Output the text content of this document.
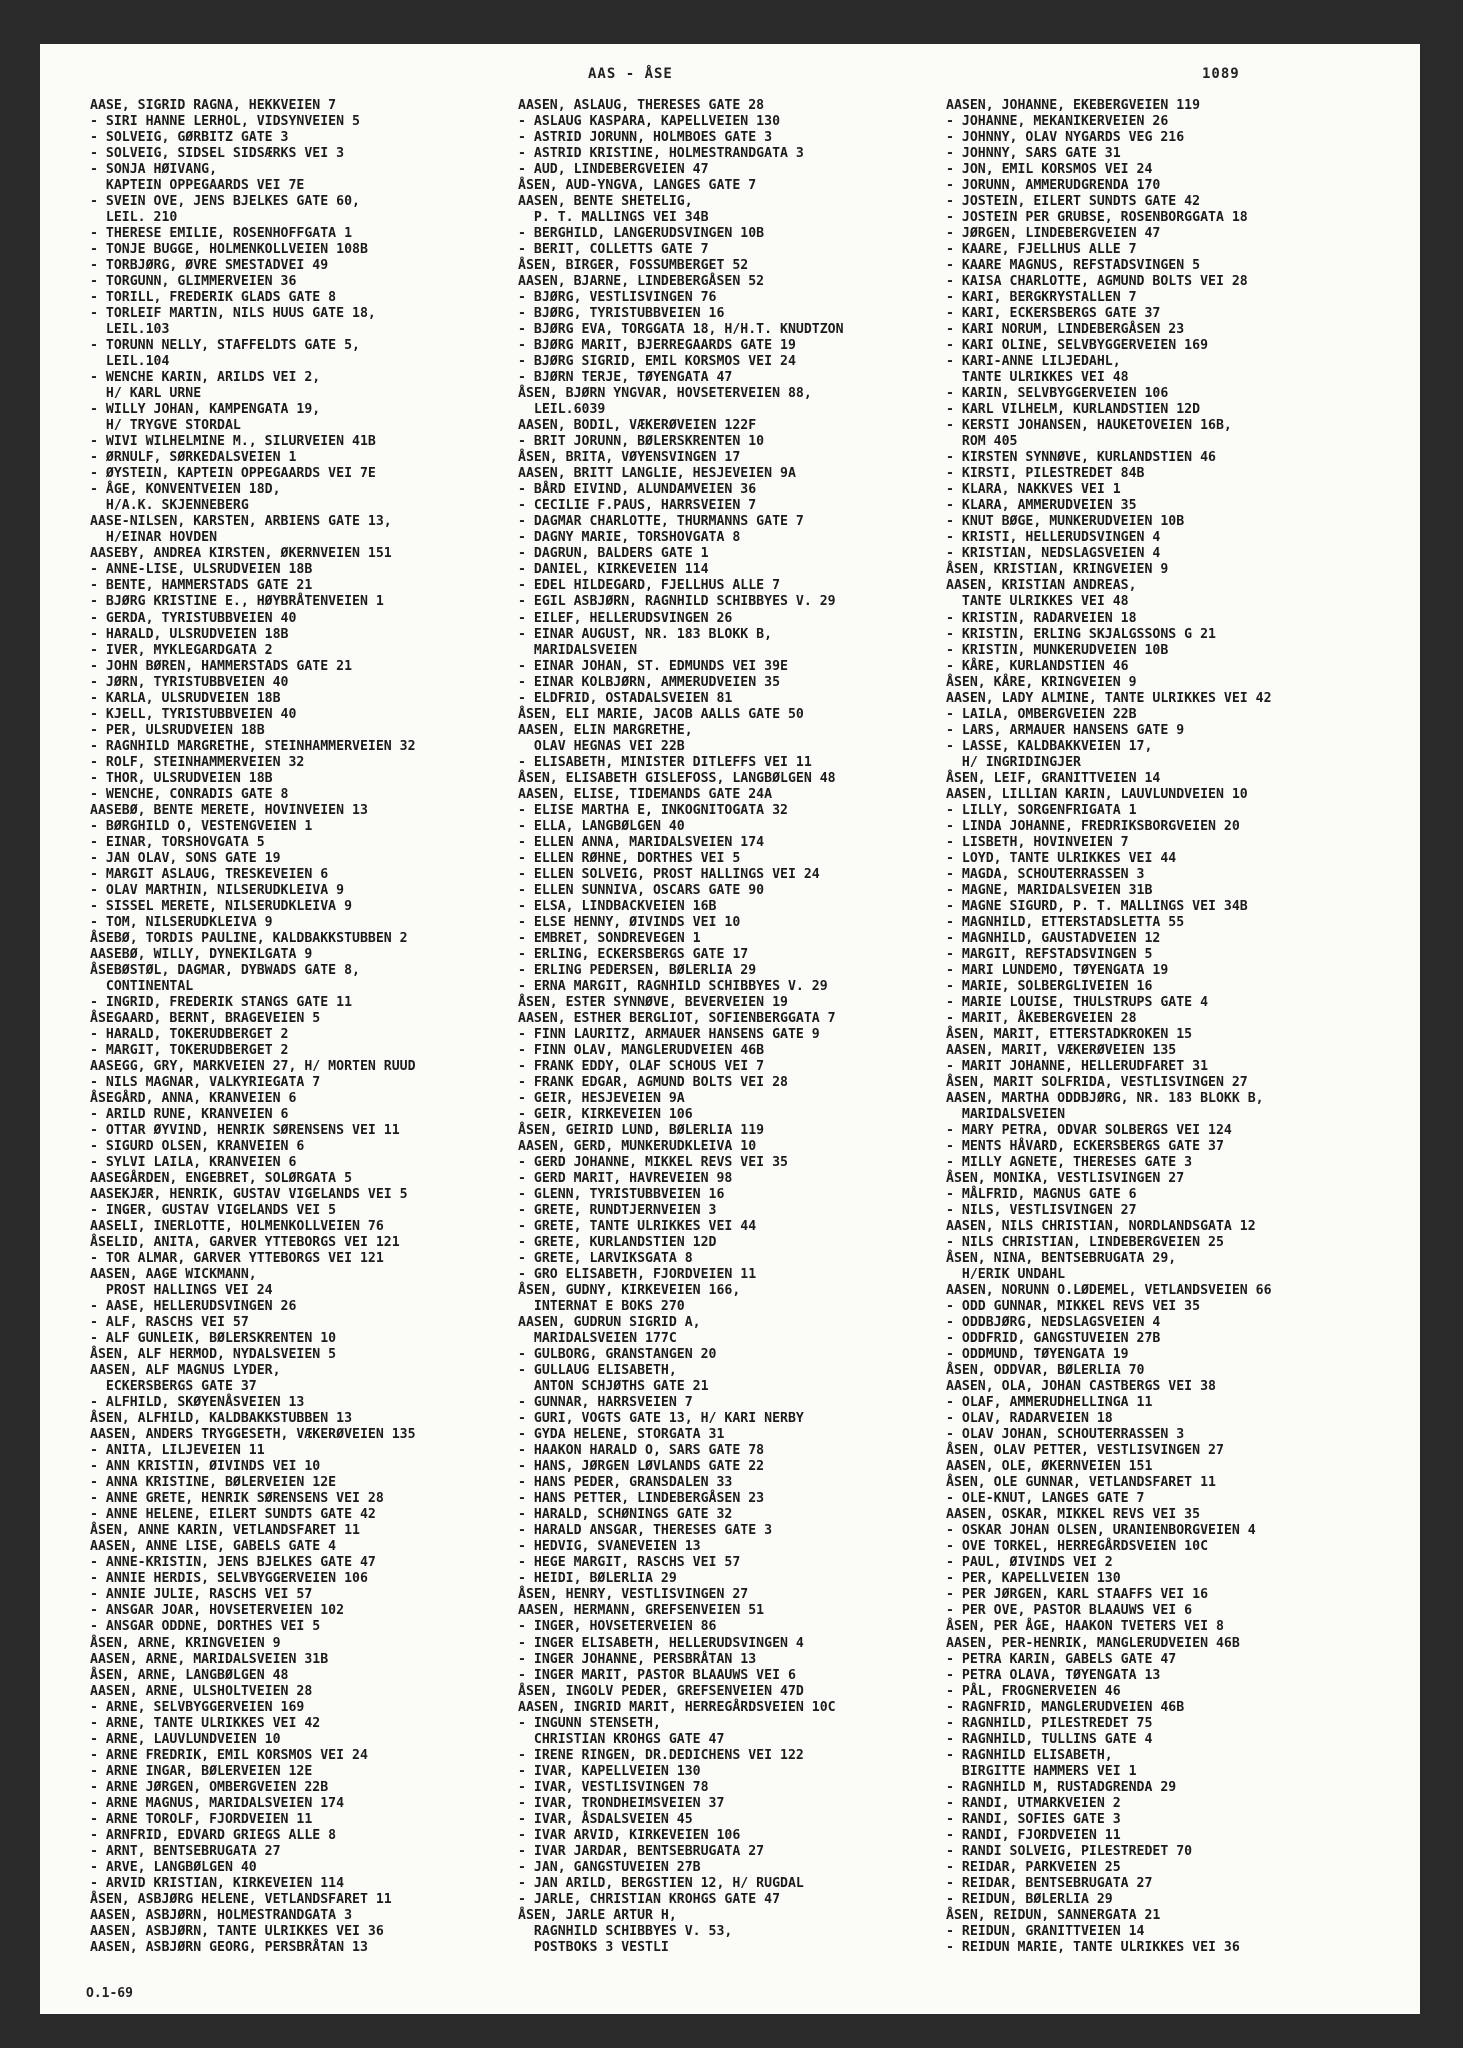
AAS - ÅSE	1089
AASE, SIGRID RAGNA, HEKKVEIEN 7
- SIRI HANNE LERHOL, VIDSYNVEIEN 5
- SOLVEIG, GØRBITZ GATE 3
- SOLVEIG, SIDSEL SIDSÆRKS VEI 3
- SONJA HØIVANG,
KAPTEIN OPPEGAARDS VEI 7E
- SVEIN OVE, JENS BJELKES GATE 60,
LEIL. 210
- THERESE EMILIE, ROSENHOFFGATA 1
- TONJE BUGGE, HOLMENKOLLVEIEN 108B
- TORBJØRG, ØVRE SMESTADVEI 49
- TORGUNN, GLIMMERVEIEN 36
- TORILL, FREDERIK GLADS GATE 8
- TORLEIF MARTIN, NILS HUUS GATE 18,
LEIL.103
- TORUNN NELLY, STAFFELDTS GATE 5,
LEIL.104
- WENCHE KARIN, ARILDS VEI 2,
H/ KARL URNE
- WILLY JOHAN, KAMPENGATA 19,
H/ TRYGVE STORDAL
- WIVI WILHELMINE M., SILURVEIEN 41B
- ØRNULF, SØRKEDALSVEIEN 1
- ØYSTEIN, KAPTEIN OPPEGAARDS VEI 7E
- ÅGE, KONVENTVEIEN 18D,
H/A.K. SKJENNEBERG
AASE-NILSEN, KARSTEN, ARBIENS GATE 13,
H/EINAR HOVDEN
AASEBY, ANDREA KIRSTEN, ØKERNVEIEN 151
- ANNE-LISE, ULSRUDVEIEN 18B
- BENTE, HAMMERSTADS GATE 21
- BJØRG KRISTINE E., HØYBRÅTENVEIEN 1
- GERDA, TYRISTUBBVEIEN 40
- HARALD, ULSRUDVEIEN 18B
- IVER, MYKLEGARDGATA 2
- JOHN BØREN, HAMMERSTADS GATE 21
- JØRN, TYRISTUBBVEIEN 40
- KARLA, ULSRUDVEIEN 18B
- KJELL, TYRISTUBBVEIEN 40
- PER, ULSRUDVEIEN 18B
- RAGNHILD MARGRETHE, STEINHAMMERVEIEN 32
- ROLF, STEINHAMMERVEIEN 32
- THOR, ULSRUDVEIEN 18B
- WENCHE, CONRADIS GATE 8
AASEBØ, BENTE MERETE, HOVINVEIEN 13
- BØRGHILD O, VESTENGVEIEN 1
- EINAR, TORSHOVGATA 5
- JAN OLAV, SONS GATE 19
- MARGIT ASLAUG, TRESKEVEIEN 6
- OLAV MARTHIN, NILSERUDKLEIVA 9
- SISSEL MERETE, NILSERUDKLEIVA 9
- TOM, NILSERUDKLEIVA 9
ÅSEBØ, TORDIS PAULINE, KALDBAKKSTUBBEN 2
AASEBØ, WILLY, DYNEKILGATA 9
ÅSEBØSTØL, DAGMAR, DYBWADS GATE 8,
CONTINENTAL
- INGRID, FREDERIK STANGS GATE 11
ÅSEGAARD, BERNT, BRAGEVEIEN 5
- HARALD, TOKERUDBERGET 2
- MARGIT, TOKERUDBERGET 2
AASEGG, GRY, MARKVEIEN 27, H/ MORTEN RUUD
- NILS MAGNAR, VALKYRIEGATA 7
ÅSEGÅRD, ANNA, KRANVEIEN 6
- ARILD RUNE, KRANVEIEN 6
- OTTAR ØYVIND, HENRIK SØRENSENS VEI 11
- SIGURD OLSEN, KRANVEIEN 6
- SYLVI LAILA, KRANVEIEN 6
AASEGÅRDEN, ENGEBRET, SOLØRGATA 5
AASEKJÆR, HENRIK, GUSTAV VIGELANDS VEI 5
- INGER, GUSTAV VIGELANDS VEI 5
AASELI, INERLOTTE, HOLMENKOLLVEIEN 76
ÅSELID, ANITA, GARVER YTTEBORGS VEI 121
- TOR ALMAR, GARVER YTTEBORGS VEI 121
AASEN, AAGE WICKMANN,
PROST HALLINGS VEI 24
- AASE, HELLERUDSVINGEN 26
- ALF, RASCHS VEI 57
- ALF GUNLEIK, BØLERSKRENTEN 10
ÅSEN, ALF HERMOD, NYDALSVEIEN 5
AASEN, ALF MAGNUS LYDER,
ECKERSBERGS GATE 37
- ALFHILD, SKØYENÅSVEIEN 13
ÅSEN, ALFHILD, KALDBAKKSTUBBEN 13
AASEN, ANDERS TRYGGESETH, VÆKERØVEIEN 135
- ANITA, LILJEVEIEN 11
- ANN KRISTIN, ØIVINDS VEI 10
- ANNA KRISTINE, BØLERVEIEN 12E
- ANNE GRETE, HENRIK SØRENSENS VEI 28
- ANNE HELENE, EILERT SUNDTS GATE 42
ÅSEN, ANNE KARIN, VETLANDSFARET 11
AASEN, ANNE LISE, GABELS GATE 4
- ANNE-KRISTIN, JENS BJELKES GATE 47
- ANNIE HERDIS, SELVBYGGERVEIEN 106
- ANNIE JULIE, RASCHS VEI 57
- ANSGAR JOAR, HOVSETERVEIEN 102
- ANSGAR ODDNE, DORTHES VEI 5
ÅSEN, ARNE, KRINGVEIEN 9
AASEN, ARNE, MARIDALSVEIEN 31B
ÅSEN, ARNE, LANGBØLGEN 48
AASEN, ARNE, ULSHOLTVEIEN 28
- ARNE, SELVBYGGERVEIEN 169
- ARNE, TANTE ULRIKKES VEI 42
- ARNE, LAUVLUNDVEIEN 10
- ARNE FREDRIK, EMIL KORSMOS VEI 24
- ARNE INGAR, BØLERVEIEN 12E
- ARNE JØRGEN, OMBERGVEIEN 22B
- ARNE MAGNUS, MARIDALSVEIEN 174
- ARNE TOROLF, FJORDVEIEN 11
- ARNFRID, EDVARD GRIEGS ALLE 8
- ARNT, BENTSEBRUGATA 27
- ARVE, LANGBØLGEN 40
- ARVID KRISTIAN, KIRKEVEIEN 114
ÅSEN, ASBJØRG HELENE, VETLANDSFARET 11
AASEN, ASBJØRN, HOLMESTRANDGATA 3
AASEN, ASBJØRN, TANTE ULRIKKES VEI 36
AASEN, ASBJØRN GEORG, PERSBRÅTAN 13
AASEN, ASLAUG, THERESES GATE 28
- ASLAUG KASPARA, KAPELLVEIEN 130
- ASTRID JORUNN, HOLMBOES GATE 3
- ASTRID KRISTINE, HOLMESTRANDGATA 3
- AUD, LINDEBERGVEIEN 47
ÅSEN, AUD-YNGVA, LANGES GATE 7
AASEN, BENTE SHETELIG,
P. T. MALLINGS VEI 34B
- BERGHILD, LANGERUDSVINGEN 10B
- BERIT, COLLETTS GATE 7
ÅSEN, BIRGER, FOSSUMBERGET 52
AASEN, BJARNE, LINDEBERGÅSEN 52
- BJØRG, VESTLISVINGEN 76
- BJØRG, TYRISTUBBVEIEN 16
- BJØRG EVA, TORGGATA 18, H/H.T. KNUDTZON
- BJØRG MARIT, BJERREGAARDS GATE 19
- BJØRG SIGRID, EMIL KORSMOS VEI 24
- BJØRN TERJE, TØYENGATA 47
ÅSEN, BJØRN YNGVAR, HOVSETERVEIEN 88,
LEIL.6039
AASEN, BODIL, VÆKERØVEIEN 122F
- BRIT JORUNN, BØLERSKRENTEN 10
ÅSEN, BRITA, VØYENSVINGEN 17
AASEN, BRITT LANGLIE, HESJEVEIEN 9A
- BÅRD EIVIND, ALUNDAMVEIEN 36
- CECILIE F.PAUS, HARRSVEIEN 7
- DAGMAR CHARLOTTE, THURMANNS GATE 7
- DAGNY MARIE, TORSHOVGATA 8
- DAGRUN, BALDERS GATE 1
- DANIEL, KIRKEVEIEN 114
- EDEL HILDEGARD, FJELLHUS ALLE 7
- EGIL ASBJØRN, RAGNHILD SCHIBBYES V. 29
- EILEF, HELLERUDSVINGEN 26
- EINAR AUGUST, NR. 183 BLOKK B,
MARIDALSVEIEN
- EINAR JOHAN, ST. EDMUNDS VEI 39E
- EINAR KOLBJØRN, AMMERUDVEIEN 35
- ELDFRID, OSTADALSVEIEN 81
ÅSEN, ELI MARIE, JACOB AALLS GATE 50
AASEN, ELIN MARGRETHE,
OLAV HEGNAS VEI 22B
- ELISABETH, MINISTER DITLEFFS VEI 11
ÅSEN, ELISABETH GISLEFOSS, LANGBØLGEN 48
AASEN, ELISE, TIDEMANDS GATE 24A
- ELISE MARTHA E, INKOGNITOGATA 32
- ELLA, LANGBØLGEN 40
- ELLEN ANNA, MARIDALSVEIEN 174
- ELLEN RØHNE, DORTHES VEI 5
- ELLEN SOLVEIG, PROST HALLINGS VEI 24
- ELLEN SUNNIVA, OSCARS GATE 90
- ELSA, LINDBACKVEIEN 16B
- ELSE HENNY, ØIVINDS VEI 10
- EMBRET, SONDREVEGEN 1
- ERLING, ECKERSBERGS GATE 17
- ERLING PEDERSEN, BØLERLIA 29
- ERNA MARGIT, RAGNHILD SCHIBBYES V. 29
ÅSEN, ESTER SYNNØVE, BEVERVEIEN 19
AASEN, ESTHER BERGLIOT, SOFIENBERGGATA 7
- FINN LAURITZ, ARMAUER HANSENS GATE 9
- FINN OLAV, MANGLERUDVEIEN 46B
- FRANK EDDY, OLAF SCHOUS VEI 7
- FRANK EDGAR, AGMUND BOLTS VEI 28
- GEIR, HESJEVEIEN 9A
- GEIR, KIRKEVEIEN 106
ÅSEN, GEIRID LUND, BØLERLIA 119
AASEN, GERD, MUNKERUDKLEIVA 10
- GERD JOHANNE, MIKKEL REVS VEI 35
- GERD MARIT, HAVREVEIEN 98
- GLENN, TYRISTUBBVEIEN 16
- GRETE, RUNDTJERNVEIEN 3
- GRETE, TANTE ULRIKKES VEI 44
- GRETE, KURLANDSTIEN 12D
- GRETE, LARVIKSGATA 8
- GRO ELISABETH, FJORDVEIEN 11
ÅSEN, GUDNY, KIRKEVEIEN 166,
INTERNAT E BOKS 270
AASEN, GUDRUN SIGRID A,
MARIDALSVEIEN 177C
- GULBORG, GRANSTANGEN 20
- GULLAUG ELISABETH,
ANTON SCHJØTHS GATE 21
- GUNNAR, HARRSVEIEN 7
- GURI, VOGTS GATE 13, H/ KARI NERBY
- GYDA HELENE, STORGATA 31
- HAAKON HARALD O, SARS GATE 78
- HANS, JØRGEN LØVLANDS GATE 22
- HANS PEDER, GRANSDALEN 33
- HANS PETTER, LINDEBERGÅSEN 23
- HARALD, SCHØNINGS GATE 32
- HARALD ANSGAR, THERESES GATE 3
- HEDVIG, SVANEVEIEN 13
- HEGE MARGIT, RASCHS VEI 57
- HEIDI, BØLERLIA 29
ÅSEN, HENRY, VESTLISVINGEN 27
AASEN, HERMANN, GREFSENVEIEN 51
- INGER, HOVSETERVEIEN 86
- INGER ELISABETH, HELLERUDSVINGEN 4
- INGER JOHANNE, PERSBRÅTAN 13
- INGER MARIT, PASTOR BLAAUWS VEI 6
ÅSEN, INGOLV PEDER, GREFSENVEIEN 47D
AASEN, INGRID MARIT, HERREGÅRDSVEIEN 10C
- INGUNN STENSETH,
CHRISTIAN KROHGS GATE 47
- IRENE RINGEN, DR.DEDICHENS VEI 122
- IVAR, KAPELLVEIEN 130
- IVAR, VESTLISVINGEN 78
- IVAR, TRONDHEIMSVEIEN 37
- IVAR, ÅSDALSVEIEN 45
- IVAR ARVID, KIRKEVEIEN 106
- IVAR JARDAR, BENTSEBRUGATA 27
- JAN, GANGSTUVEIEN 27B
- JAN ARILD, BERGSTIEN 12, H/ RUGDAL
- JARLE, CHRISTIAN KROHGS GATE 47
ÅSEN, JARLE ARTUR H,
RAGNHILD SCHIBBYES V. 53,
POSTBOKS 3 VESTLI
AASEN, JOHANNE, EKEBERGVEIEN 119
- JOHANNE, MEKANIKERVEIEN 26
- JOHNNY, OLAV NYGARDS VEG 216
- JOHNNY, SARS GATE 31
- JON, EMIL KORSMOS VEI 24
- JORUNN, AMMERUDGRENDA 170
- JOSTEIN, EILERT SUNDTS GATE 42
- JOSTEIN PER GRUBSE, ROSENBORGGATA 18
- JØRGEN, LINDEBERGVEIEN 47
- KAARE, FJELLHUS ALLE 7
- KAARE MAGNUS, REFSTADSVINGEN 5
- KAISA CHARLOTTE, AGMUND BOLTS VEI 28
- KARI, BERGKRYSTALLEN 7
- KARI, ECKERSBERGS GATE 37
- KARI NORUM, LINDEBERGÅSEN 23
- KARI OLINE, SELVBYGGERVEIEN 169
- KARI-ANNE LILJEDAHL,
TANTE ULRIKKES VEI 48
- KARIN, SELVBYGGERVEIEN 106
- KARL VILHELM, KURLANDSTIEN 12D
- KERSTI JOHANSEN, HAUKETOVEIEN 16B,
ROM 405
- KIRSTEN SYNNØVE, KURLANDSTIEN 46
- KIRSTI, PILESTREDET 84B
- KLARA, NAKKVES VEI 1
- KLARA, AMMERUDVEIEN 35
- KNUT BØGE, MUNKERUDVEIEN 10B
- KRISTI, HELLERUDSVINGEN 4
- KRISTIAN, NEDSLAGSVEIEN 4
ÅSEN, KRISTIAN, KRINGVEIEN 9
AASEN, KRISTIAN ANDREAS,
TANTE ULRIKKES VEI 48
- KRISTIN, RADARVEIEN 18
- KRISTIN, ERLING SKJALGSSONS G 21
- KRISTIN, MUNKERUDVEIEN 10B
- KÅRE, KURLANDSTIEN 46
ÅSEN, KÅRE, KRINGVEIEN 9
AASEN, LADY ALMINE, TANTE ULRIKKES VEI 42
- LAILA, OMBERGVEIEN 22B
- LARS, ARMAUER HANSENS GATE 9
- LASSE, KALDBAKKVEIEN 17,
H/ INGRIDINGJER
ÅSEN, LEIF, GRANITTVEIEN 14
AASEN, LILLIAN KARIN, LAUVLUNDVEIEN 10
- LILLY, SORGENFRIGATA 1
- LINDA JOHANNE, FREDRIKSBORGVEIEN 20
- LISBETH, HOVINVEIEN 7
- LOYD, TANTE ULRIKKES VEI 44
- MAGDA, SCHOUTERRASSEN 3
- MAGNE, MARIDALSVEIEN 31B
- MAGNE SIGURD, P. T. MALLINGS VEI 34B
- MAGNHILD, ETTERSTADSLETTA 55
- MAGNHILD, GAUSTADVEIEN 12
- MARGIT, REFSTADSVINGEN 5
- MARI LUNDEMO, TØYENGATA 19
- MARIE, SOLBERGLIVEIEN 16
- MARIE LOUISE, THULSTRUPS GATE 4
- MARIT, ÅKEBERGVEIEN 28
ÅSEN, MARIT, ETTERSTADKROKEN 15
AASEN, MARIT, VÆKERØVEIEN 135
- MARIT JOHANNE, HELLERUDFARET 31
ÅSEN, MARIT SOLFRIDA, VESTLISVINGEN 27
AASEN, MARTHA ODDBJØRG, NR. 183 BLOKK B,
MARIDALSVEIEN
- MARY PETRA, ODVAR SOLBERGS VEI 124
- MENTS HÅVARD, ECKERSBERGS GATE 37
- MILLY AGNETE, THERESES GATE 3
ÅSEN, MONIKA, VESTLISVINGEN 27
- MÅLFRID, MAGNUS GATE 6
- NILS, VESTLISVINGEN 27
AASEN, NILS CHRISTIAN, NORDLANDSGATA 12
- NILS CHRISTIAN, LINDEBERGVEIEN 25
ÅSEN, NINA, BENTSEBRUGATA 29,
H/ERIK UNDAHL
AASEN, NORUNN O.LØDEMEL, VETLANDSVEIEN 66
- ODD GUNNAR, MIKKEL REVS VEI 35
- ODDBJØRG, NEDSLAGSVEIEN 4
- ODDFRID, GANGSTUVEIEN 27B
- ODDMUND, TØYENGATA 19
ÅSEN, ODDVAR, BØLERLIA 70
AASEN, OLA, JOHAN CASTBERGS VEI 38
- OLAF, AMMERUDHELLINGA 11
- OLAV, RADARVEIEN 18
- OLAV JOHAN, SCHOUTERRASSEN 3
ÅSEN, OLAV PETTER, VESTLISVINGEN 27
AASEN, OLE, ØKERNVEIEN 151
ÅSEN, OLE GUNNAR, VETLANDSFARET 11
- OLE-KNUT, LANGES GATE 7
AASEN, OSKAR, MIKKEL REVS VEI 35
- OSKAR JOHAN OLSEN, URANIENBORGVEIEN 4
- OVE TORKEL, HERREGÅRDSVEIEN 10C
- PAUL, ØIVINDS VEI 2
- PER, KAPELLVEIEN 130
- PER JØRGEN, KARL STAAFFS VEI 16
- PER OVE, PASTOR BLAAUWS VEI 6
ÅSEN, PER ÅGE, HAAKON TVETERS VEI 8
AASEN, PER-HENRIK, MANGLERUDVEIEN 46B
- PETRA KARIN, GABELS GATE 47
- PETRA OLAVA, TØYENGATA 13
- PÅL, FROGNERVEIEN 46
- RAGNFRID, MANGLERUDVEIEN 46B
- RAGNHILD, PILESTREDET 75
- RAGNHILD, TULLINS GATE 4
- RAGNHILD ELISABETH,
BIRGITTE HAMMERS VEI 1
- RAGNHILD M, RUSTADGRENDA 29
- RANDI, UTMARKVEIEN 2
- RANDI, SOFIES GATE 3
- RANDI, FJORDVEIEN 11
- RANDI SOLVEIG, PILESTREDET 70
- REIDAR, PARKVEIEN 25
- REIDAR, BENTSEBRUGATA 27
- REIDUN, BØLERLIA 29
ÅSEN, REIDUN, SANNERGATA 21
- REIDUN, GRANITTVEIEN 14
- REIDUN MARIE, TANTE ULRIKKES VEI 36
O.1-69
